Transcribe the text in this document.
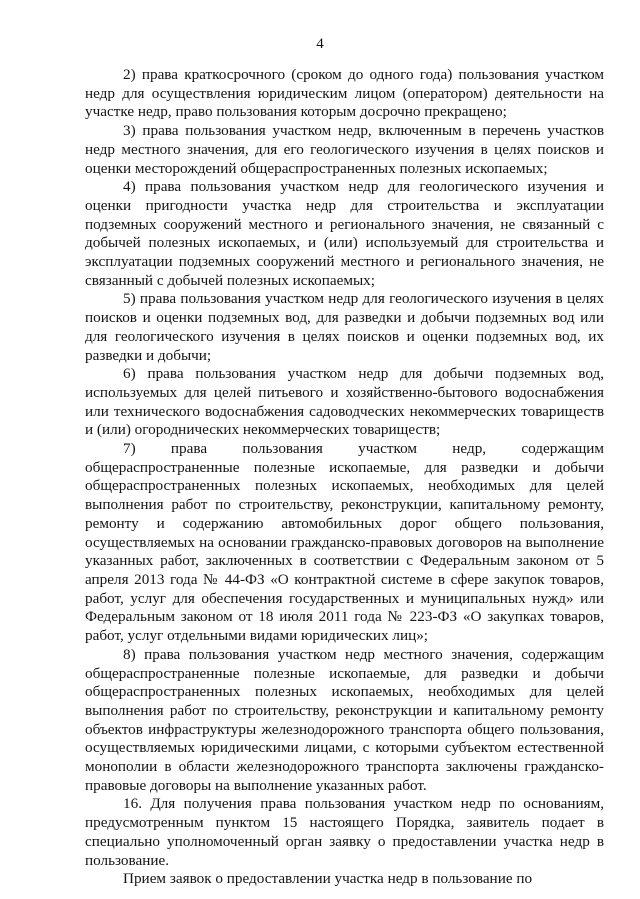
4

2) права краткосрочного (сроком до одного года) пользования участком недр для осуществления юридическим лицом (оператором) деятельности на участке недр, право пользования которым досрочно прекращено;

3) права пользования участком недр, включенным в перечень участков недр местного значения, для его геологического изучения в целях поисков и оценки месторождений общераспространенных полезных ископаемых;

4) права пользования участком недр для геологического изучения и оценки пригодности участка недр для строительства и эксплуатации подземных сооружений местного и регионального значения, не связанный с добычей полезных ископаемых, и (или) используемый для строительства и эксплуатации подземных сооружений местного и регионального значения, не связанный с добычей полезных ископаемых;

5) права пользования участком недр для геологического изучения в целях поисков и оценки подземных вод, для разведки и добычи подземных вод или для геологического изучения в целях поисков и оценки подземных вод, их разведки и добычи;

6) права пользования участком недр для добычи подземных вод, используемых для целей питьевого и хозяйственно-бытового водоснабжения или технического водоснабжения садоводческих некоммерческих товариществ и (или) огороднических некоммерческих товариществ;

7) права пользования участком недр, содержащим общераспространенные полезные ископаемые, для разведки и добычи общераспространенных полезных ископаемых, необходимых для целей выполнения работ по строительству, реконструкции, капитальному ремонту, ремонту и содержанию автомобильных дорог общего пользования, осуществляемых на основании гражданско-правовых договоров на выполнение указанных работ, заключенных в соответствии с Федеральным законом от 5 апреля 2013 года № 44-ФЗ «О контрактной системе в сфере закупок товаров, работ, услуг для обеспечения государственных и муниципальных нужд» или Федеральным законом от 18 июля 2011 года № 223-ФЗ «О закупках товаров, работ, услуг отдельными видами юридических лиц»;

8) права пользования участком недр местного значения, содержащим общераспространенные полезные ископаемые, для разведки и добычи общераспространенных полезных ископаемых, необходимых для целей выполнения работ по строительству, реконструкции и капитальному ремонту объектов инфраструктуры железнодорожного транспорта общего пользования, осуществляемых юридическими лицами, с которыми субъектом естественной монополии в области железнодорожного транспорта заключены гражданско-правовые договоры на выполнение указанных работ.

16. Для получения права пользования участком недр по основаниям, предусмотренным пунктом 15 настоящего Порядка, заявитель подает в специально уполномоченный орган заявку о предоставлении участка недр в пользование.

Прием заявок о предоставлении участка недр в пользование по
